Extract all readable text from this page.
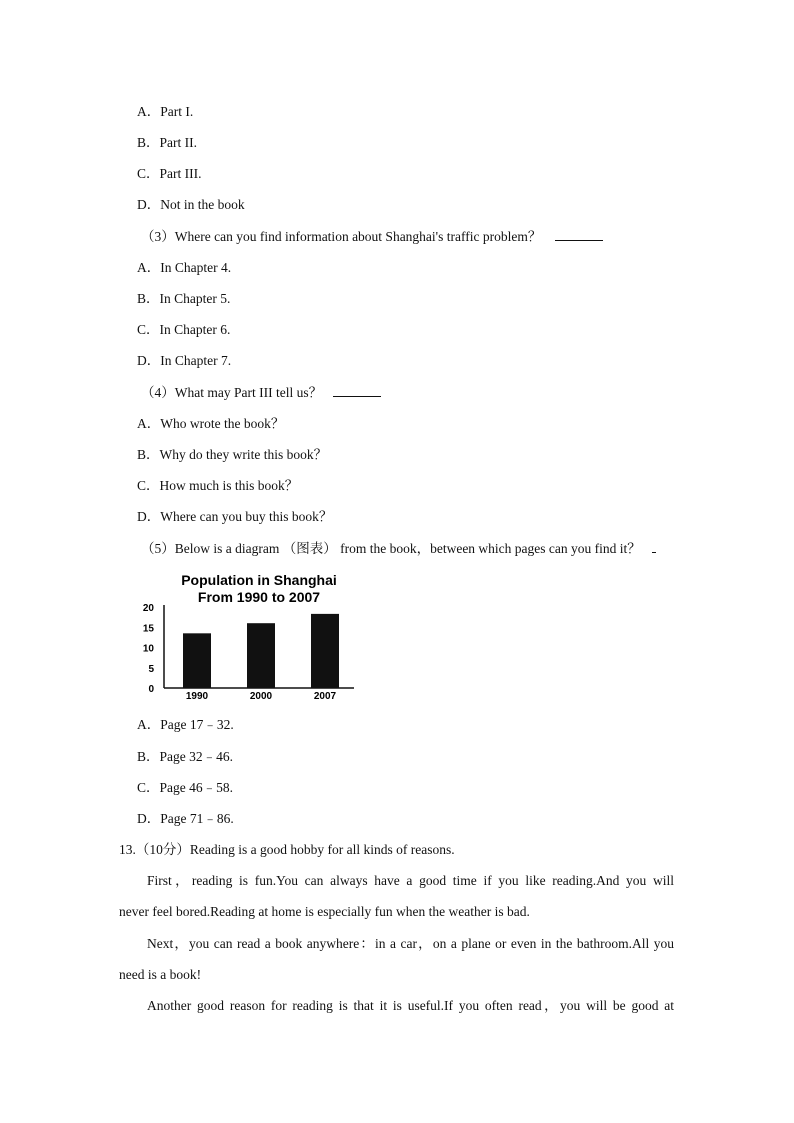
A．Part I.
B．Part II.
C．Part III.
D．Not in the book
（3）Where can you find information about Shanghai's traffic problem？
A．In Chapter 4.
B．In Chapter 5.
C．In Chapter 6.
D．In Chapter 7.
（4）What may Part III tell us？
A．Who wrote the book？
B．Why do they write this book？
C．How much is this book？
D．Where can you buy this book？
（5）Below is a diagram （图表） from the book，between which pages can you find it？
Population in Shanghai
From 1990 to 2007
0
5
10
15
20
1990	2000	2007
A．Page 17﹣32.
B．Page 32﹣46.
C．Page 46﹣58.
D．Page 71﹣86.
13.（10分）Reading is a good hobby for all kinds of reasons.
First，reading is fun.You can always have a good time if you like reading.And you will
never feel bored.Reading at home is especially fun when the weather is bad.
Next，you can read a book anywhere：in a car，on a plane or even in the bathroom.All you
need is a book!
Another good reason for reading is that it is useful.If you often read，you will be good at
